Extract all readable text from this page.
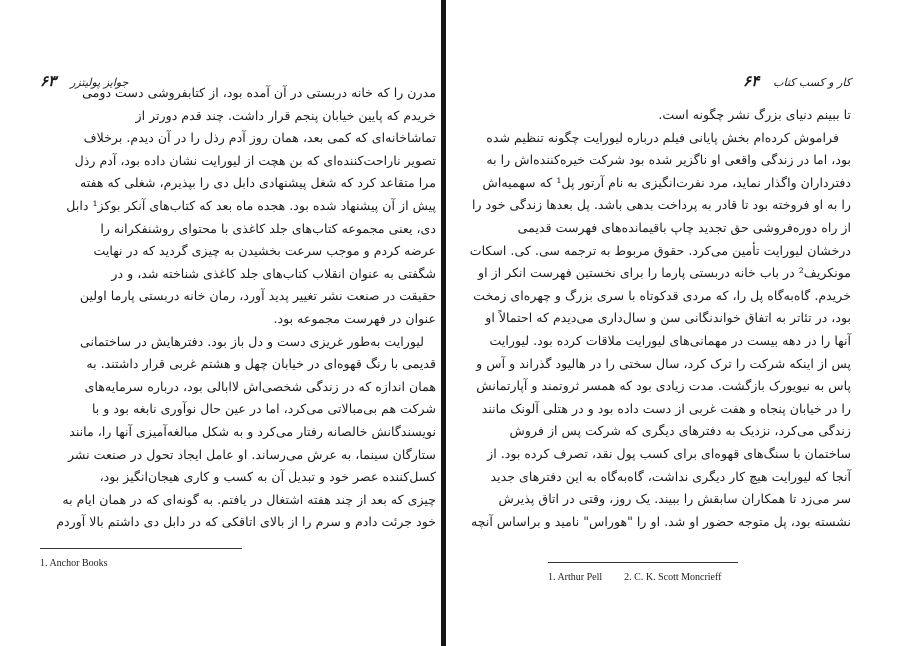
۶۳ جوایز پولیتزر

مدرن را که خانه دربستی در آن آمده بود، از کتابفروشی دست دومی

خریدم که پایین خیابان پنجم قرار داشت. چند قدم دورتر از

تماشاخانه‌ای که کمی بعد، همان روز آدم رذل را در آن دیدم. برخلاف

تصویر ناراحت‌کننده‌ای که بن هچت از لیورایت نشان داده بود، آدم رذل

مرا متقاعد کرد که شغل پیشنهادی دابل دی را بپذیرم، شغلی که هفته

پیش از آن پیشنهاد شده بود. هجده ماه بعد که کتاب‌های آنکر بوکز¹ دابل

دی، یعنی مجموعه کتاب‌های جلد کاغذی با محتوای روشنفکرانه را

عرضه کردم و موجب سرعت بخشیدن به چیزی گردید که در نهایت

شگفتی به عنوان انقلاب کتاب‌های جلد کاغذی شناخته شد، و در

حقیقت در صنعت نشر تغییر پدید آورد، رمان خانه دربستی پارما اولین

عنوان در فهرست مجموعه بود.

لیورایت به‌طور غریزی دست و دل باز بود. دفترهایش در ساختمانی

قدیمی با رنگ قهوه‌ای در خیابان چهل و هشتم غربی قرار داشتند. به

همان اندازه که در زندگی شخصی‌اش لاابالی بود، درباره سرمایه‌های

شرکت هم بی‌مبالاتی می‌کرد، اما در عین حال نوآوری نابغه بود و با

نویسندگانش خالصانه رفتار می‌کرد و به شکل مبالغه‌آمیزی آنها را، مانند

ستارگان سینما، به عرش می‌رساند. او عامل ایجاد تحول در صنعت نشر

کسل‌کننده عصر خود و تبدیل آن به کسب و کاری هیجان‌انگیز بود،

چیزی که بعد از چند هفته اشتغال در یافتم. به گونه‌ای که در همان ایام به

خود جرئت دادم و سرم را از بالای اتاقکی که در دابل دی داشتم بالا آوردم

1. Anchor Books
کار و کسب کتاب    ۶۴

تا ببینم دنیای بزرگ نشر چگونه است.

فراموش کرده‌ام بخش پایانی فیلم درباره لیورایت چگونه تنظیم شده

بود، اما در زندگی واقعی او ناگزیر شده بود شرکت خیره‌کننده‌اش را به

دفترداران واگذار نماید، مرد نفرت‌انگیزی به نام آرتور پل¹ که سهمیه‌اش

را به او فروخته بود تا قادر به پرداخت بدهی باشد. پل بعدها زندگی خود را

از راه دوره‌فروشی حق تجدید چاپ باقیمانده‌های فهرست قدیمی

درخشان لیورایت تأمین می‌کرد. حقوق مربوط به ترجمه سی. کی. اسکات

مونکریف² در باب خانه دربستی پارما را برای نخستین فهرست انکر از او

خریدم. گاه‌به‌گاه پل را، که مردی قدکوتاه با سری بزرگ و چهره‌ای زمخت

بود، در تئاتر به اتفاق خواندنگانی سن و سال‌داری می‌دیدم که احتمالاً او

آنها را در دهه بیست در مهمانی‌های لیورایت ملاقات کرده بود. لیورایت

پس از اینکه شرکت را ترک کرد، سال سختی را در هالیود گذراند و آس و

پاس به نیویورک بازگشت. مدت زیادی بود که همسر ثروتمند و آپارتمانش

را در خیابان پنجاه و هفت غربی از دست داده بود و در هتلی آلونک مانند

زندگی می‌کرد، نزدیک به دفترهای دیگری که شرکت پس از فروش

ساختمان با سنگ‌های قهوه‌ای برای کسب پول نقد، تصرف کرده بود. از

آنجا که لیورایت هیچ کار دیگری نداشت، گاه‌به‌گاه به این دفترهای جدید

سر می‌زد تا همکاران سابقش را ببیند. یک روز، وقتی در اتاق پذیرش

نشسته بود، پل متوجه حضور او شد. او را "هوراس" نامید و براساس آنچه

1. Arthur Pell 2. C. K. Scott Moncrieff
